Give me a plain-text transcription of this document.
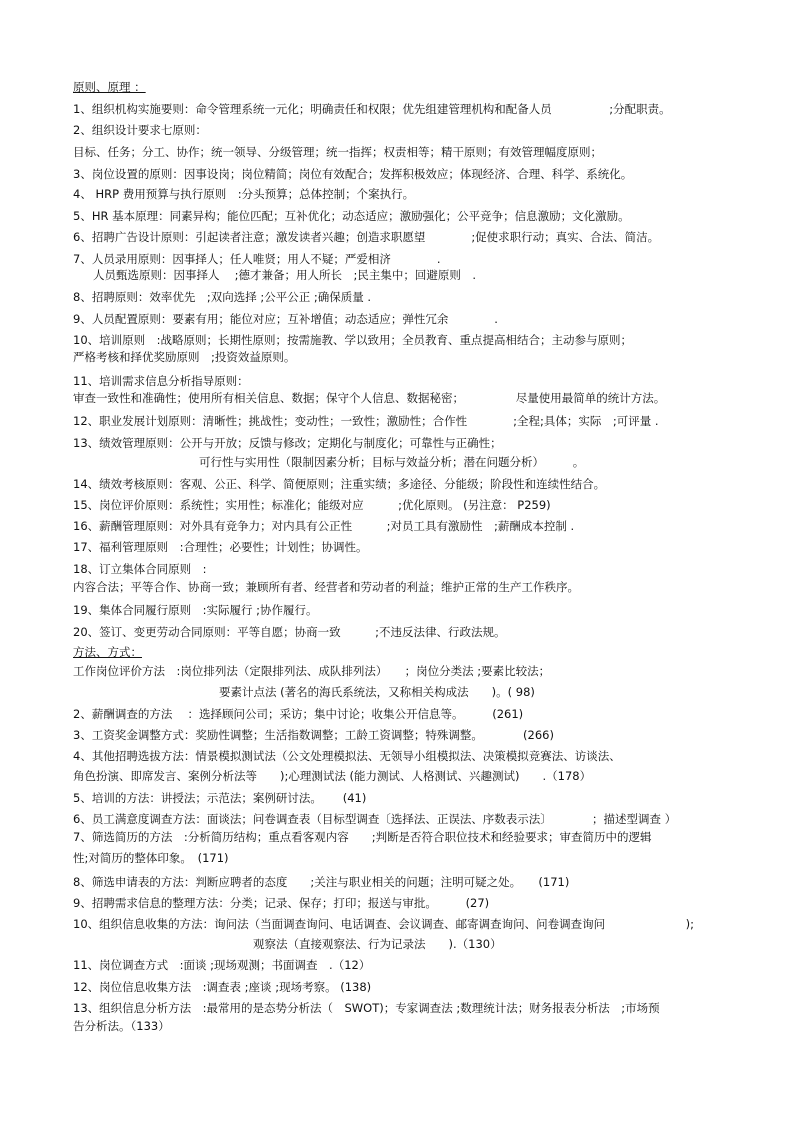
原则、原理 ：
1、组织机构实施要则：命令管理系统一元化；明确责任和权限；优先组建管理机构和配备人员　　　　　;分配职责。
2、组织设计要求七原则：
目标、任务；分工、协作；统一领导、分级管理；统一指挥；权责相等；精干原则；有效管理幅度原则；
3、岗位设置的原则：因事设岗；岗位精简；岗位有效配合；发挥积极效应；体现经济、合理、科学、系统化。
4、 HRP 费用预算与执行原则　:分头预算；总体控制；个案执行。
5、HR 基本原理：同素异构；能位匹配；互补优化；动态适应；激励强化；公平竞争；信息激励；文化激励。
6、招聘广告设计原则：引起读者注意；激发读者兴趣；创造求职愿望　　　　;促使求职行动；真实、合法、简洁。
7、人员录用原则：因事择人；任人唯贤；用人不疑；严爱相济　　　　.
人员甄选原则：因事择人　 ;德才兼备；用人所长　;民主集中；回避原则　.
8、招聘原则：效率优先　;双向选择 ;公平公正 ;确保质量 .
9、人员配置原则：要素有用；能位对应；互补增值；动态适应；弹性冗余　　　　.
10、培训原则　:战略原则；长期性原则；按需施教、学以致用；全员教育、重点提高相结合；主动参与原则；
严格考核和择优奖励原则　;投资效益原则。
11、培训需求信息分析指导原则：
审查一致性和准确性；使用所有相关信息、数据；保守个人信息、数据秘密；　　　　　尽量使用最简单的统计方法。
12、职业发展计划原则：清晰性；挑战性；变动性；一致性；激励性；合作性　　　　;全程;具体；实际　;可评量 .
13、绩效管理原则：公开与开放；反馈与修改；定期化与制度化；可靠性与正确性；
可行性与实用性（限制因素分析；目标与效益分析；潜在问题分析）　　　。
14、绩效考核原则：客观、公正、科学、简便原则；注重实绩；多途径、分能级；阶段性和连续性结合。
15、岗位评价原则：系统性；实用性；标准化；能级对应　　　;优化原则。 (另注意： P259)
16、薪酬管理原则：对外具有竞争力；对内具有公正性　　　;对员工具有激励性　;薪酬成本控制 .
17、福利管理原则　:合理性；必要性；计划性；协调性。
18、订立集体合同原则　:
内容合法；平等合作、协商一致；兼顾所有者、经营者和劳动者的利益；维护正常的生产工作秩序。
19、集体合同履行原则　:实际履行 ;协作履行。
20、签订、变更劳动合同原则：平等自愿；协商一致　　　;不违反法律、行政法规。
方法、方式：
工作岗位评价方法　:岗位排列法（定限排列法、成队排列法）　　；岗位分类法 ;要素比较法；
要素计点法 (著名的海氏系统法，又称相关构成法　　)。( 98)
2、薪酬调查的方法　 ：选择顾问公司；采访；集中讨论；收集公开信息等。　　　(261)
3、工资奖金调整方式：奖励性调整；生活指数调整；工龄工资调整；特殊调整。　　　　(266)
4、其他招聘选拔方法：情景模拟测试法（公文处理模拟法、无领导小组模拟法、决策模拟竞赛法、访谈法、
角色扮演、即席发言、案例分析法等　　);心理测试法 (能力测试、人格测试、兴趣测试)　　.（178）
5、培训的方法：讲授法；示范法；案例研讨法。　　 (41)
6、员工满意度调查方法：面谈法；问卷调查表（目标型调查〔选择法、正误法、序数表示法〕　　　　；描述型调查 ）
7、筛选简历的方法　:分析简历结构；重点看客观内容　　;判断是否符合职位技术和经验要求；审查简历中的逻辑
性;对简历的整体印象。　(171)
8、筛选申请表的方法：判断应聘者的态度　　;关注与职业相关的问题；注明可疑之处。　　(171)
9、招聘需求信息的整理方法：分类；记录、保存；打印；报送与审批。　　　(27)
10、组织信息收集的方法：询问法（当面调查询问、电话调查、会议调查、邮寄调查询问、问卷调查询问　　　　　　　);
观察法（直接观察法、行为记录法　　).（130）
11、岗位调查方式　:面谈 ;现场观测；书面调查　.（12）
12、岗位信息收集方法　:调查表 ;座谈 ;现场考察。 (138)
13、组织信息分析方法　:最常用的是态势分析法（　SWOT)；专家调查法 ;数理统计法；财务报表分析法　;市场预
告分析法。（133）
